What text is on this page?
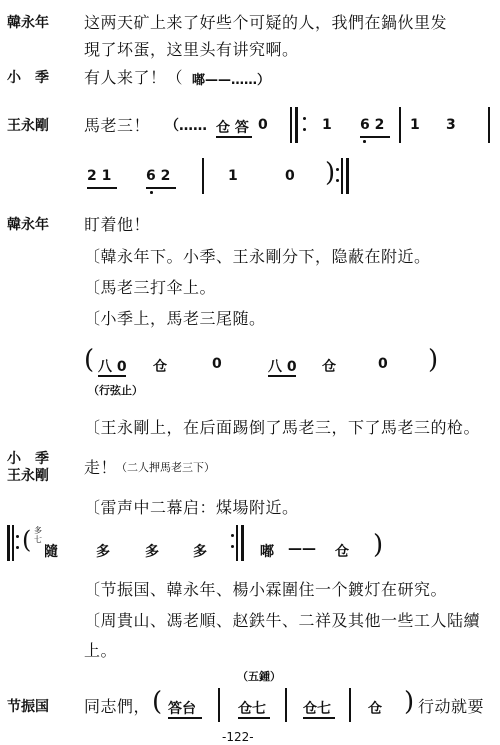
韓永年 这两天矿上来了好些个可疑的人，我們在鍋伙里发
現了坏蛋，这里头有讲究啊。
小　季 有人来了！（ 嘟——……）
王永剛 馬老三！ （…… 仓 答 0	1 6 2 1 3
2 1 6 2	1	0 )
韓永年 盯着他！
〔韓永年下。小季、王永剛分下，隐蔽在附近。
〔馬老三打伞上。
〔小季上，馬老三尾随。
( 八 0 仓	0	八 0 仓	0 )
（行弦止）
〔王永剛上，在后面踢倒了馬老三，下了馬老三的枪。
小　季
王永剛 走！
（二人押馬老三下）
〔雷声中二幕启：煤場附近。
( 多
七
隨	多	多 多	嘟 —— 仓 )
〔节振国、韓永年、楊小霖圍住一个鍍灯在研究。
〔周貴山、馮老順、赵鉄牛、二祥及其他一些工人陆續
上。
（五鍾）
节振国 同志們， ( 答台	仓七	仓七	仓 ) 行动就要
-122-
